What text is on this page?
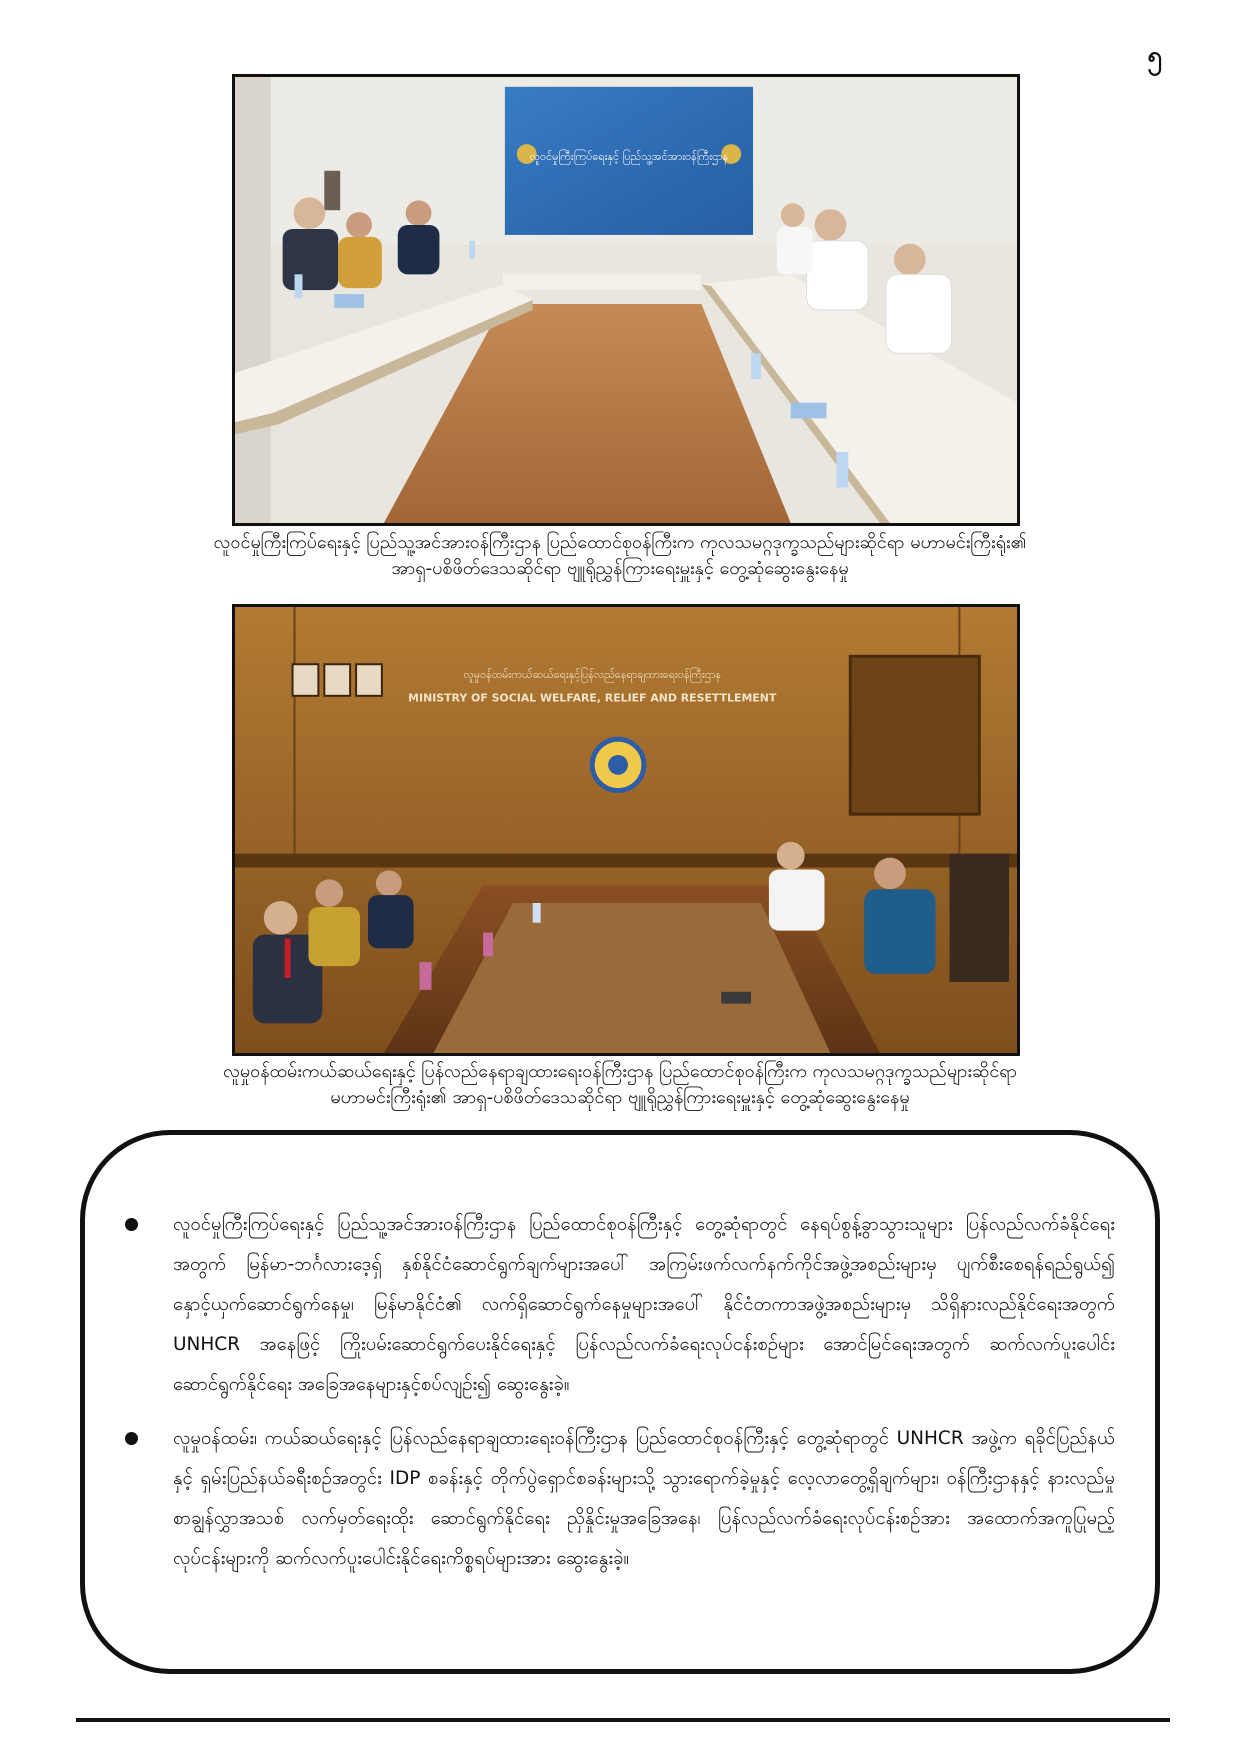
၅
လူဝင်မှုကြီးကြပ်ရေးနှင့် ပြည်သူ့အင်အားဝန်ကြီးဌာန
လူဝင်မှုကြီးကြပ်ရေးနှင့် ပြည်သူ့အင်အားဝန်ကြီးဌာန ပြည်ထောင်စုဝန်ကြီးက ကုလသမဂ္ဂဒုက္ခသည်များဆိုင်ရာ မဟာမင်းကြီးရုံး၏
အာရှ-ပစိဖိတ်ဒေသဆိုင်ရာ ဗျူရိုညွှန်ကြားရေးမှူးနှင့် တွေ့ဆုံဆွေးနွေးနေမှု
လူမှုဝန်ထမ်းကယ်ဆယ်ရေးနှင့်ပြန်လည်နေရာချထားရေးဝန်ကြီးဌာန
MINISTRY OF SOCIAL WELFARE, RELIEF AND RESETTLEMENT
လူမှုဝန်ထမ်းကယ်ဆယ်ရေးနှင့် ပြန်လည်နေရာချထားရေးဝန်ကြီးဌာန ပြည်ထောင်စုဝန်ကြီးက ကုလသမဂ္ဂဒုက္ခသည်များဆိုင်ရာ
မဟာမင်းကြီးရုံး၏ အာရှ-ပစိဖိတ်ဒေသဆိုင်ရာ ဗျူရိုညွှန်ကြားရေးမှူးနှင့် တွေ့ဆုံဆွေးနွေးနေမှု
လူဝင်မှုကြီးကြပ်ရေးနှင့် ပြည်သူ့အင်အားဝန်ကြီးဌာန ပြည်ထောင်စုဝန်ကြီးနှင့် တွေ့ဆုံရာတွင် နေရပ်စွန့်ခွာသွားသူများ ပြန်လည်လက်ခံနိုင်ရေးအတွက် မြန်မာ-ဘင်္ဂလားဒေ့ရှ် နှစ်နိုင်ငံဆောင်ရွက်ချက်များအပေါ် အကြမ်းဖက်လက်နက်ကိုင်အဖွဲ့အစည်းများမှ ပျက်စီးစေရန်ရည်ရွယ်၍ နှောင့်ယှက်ဆောင်ရွက်နေမှု၊ မြန်မာနိုင်ငံ၏ လက်ရှိဆောင်ရွက်နေမှုများအပေါ် နိုင်ငံတကာအဖွဲ့အစည်းများမှ သိရှိနားလည်နိုင်ရေးအတွက် UNHCR အနေဖြင့် ကြိုးပမ်းဆောင်ရွက်ပေးနိုင်ရေးနှင့် ပြန်လည်လက်ခံရေးလုပ်ငန်းစဉ်များ အောင်မြင်ရေးအတွက် ဆက်လက်ပူးပေါင်းဆောင်ရွက်နိုင်ရေး အခြေအနေများနှင့်စပ်လျဉ်း၍ ဆွေးနွေးခဲ့။
လူမှုဝန်ထမ်း၊ ကယ်ဆယ်ရေးနှင့် ပြန်လည်နေရာချထားရေးဝန်ကြီးဌာန ပြည်ထောင်စုဝန်ကြီးနှင့် တွေ့ဆုံရာတွင် UNHCR အဖွဲ့က ရခိုင်ပြည်နယ်နှင့် ရှမ်းပြည်နယ်ခရီးစဉ်အတွင်း IDP စခန်းနှင့် တိုက်ပွဲရှောင်စခန်းများသို့ သွားရောက်ခဲ့မှုနှင့် လေ့လာတွေ့ရှိချက်များ၊ ဝန်ကြီးဌာနနှင့် နားလည်မှုစာချွန်လွှာအသစ် လက်မှတ်ရေးထိုး ဆောင်ရွက်နိုင်ရေး ညှိနှိုင်းမှုအခြေအနေ၊ ပြန်လည်လက်ခံရေးလုပ်ငန်းစဉ်အား အထောက်အကူပြုမည့် လုပ်ငန်းများကို ဆက်လက်ပူးပေါင်းနိုင်ရေးကိစ္စရပ်များအား ဆွေးနွေးခဲ့။
